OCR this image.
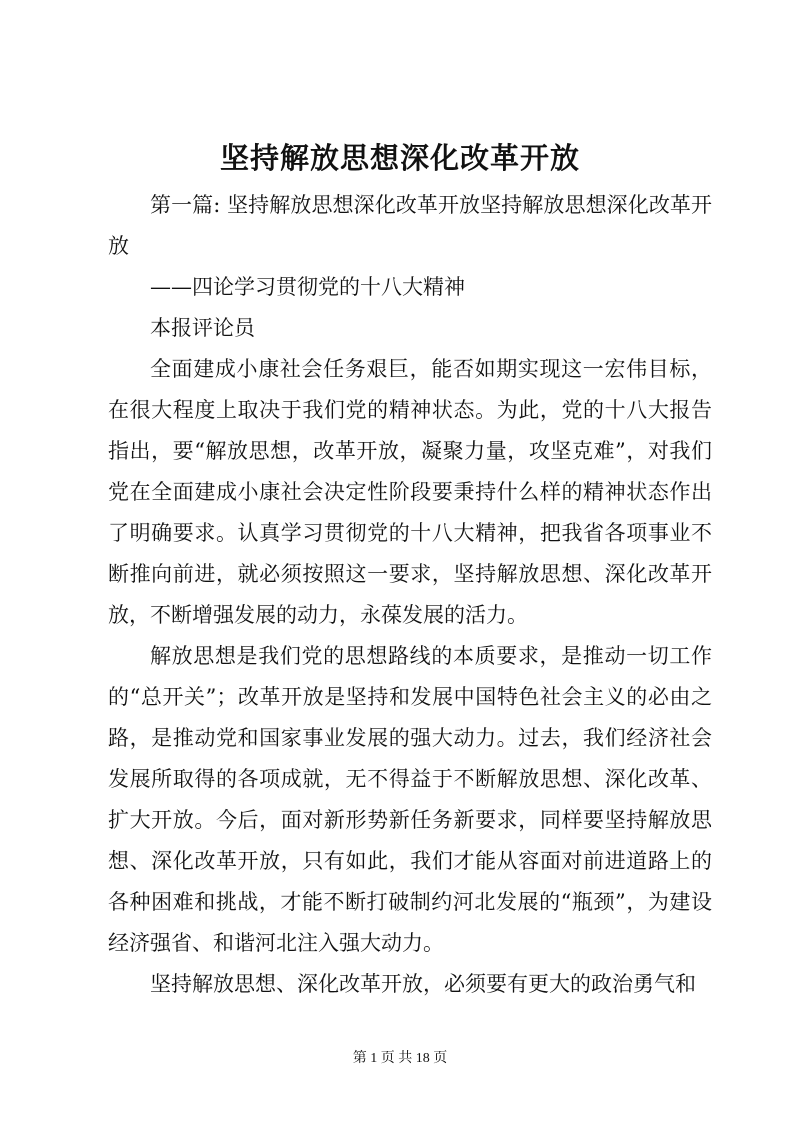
坚持解放思想深化改革开放

第一篇: 坚持解放思想深化改革开放坚持解放思想深化改革开放

——四论学习贯彻党的十八大精神

本报评论员

全面建成小康社会任务艰巨，能否如期实现这一宏伟目标，在很大程度上取决于我们党的精神状态。为此，党的十八大报告指出，要“解放思想，改革开放，凝聚力量，攻坚克难”，对我们党在全面建成小康社会决定性阶段要秉持什么样的精神状态作出了明确要求。认真学习贯彻党的十八大精神，把我省各项事业不断推向前进，就必须按照这一要求，坚持解放思想、深化改革开放，不断增强发展的动力，永葆发展的活力。

解放思想是我们党的思想路线的本质要求，是推动一切工作的“总开关”；改革开放是坚持和发展中国特色社会主义的必由之路，是推动党和国家事业发展的强大动力。过去，我们经济社会发展所取得的各项成就，无不得益于不断解放思想、深化改革、扩大开放。今后，面对新形势新任务新要求，同样要坚持解放思想、深化改革开放，只有如此，我们才能从容面对前进道路上的各种困难和挑战，才能不断打破制约河北发展的“瓶颈”，为建设经济强省、和谐河北注入强大动力。

坚持解放思想、深化改革开放，必须要有更大的政治勇气和

第 1 页 共 18 页
